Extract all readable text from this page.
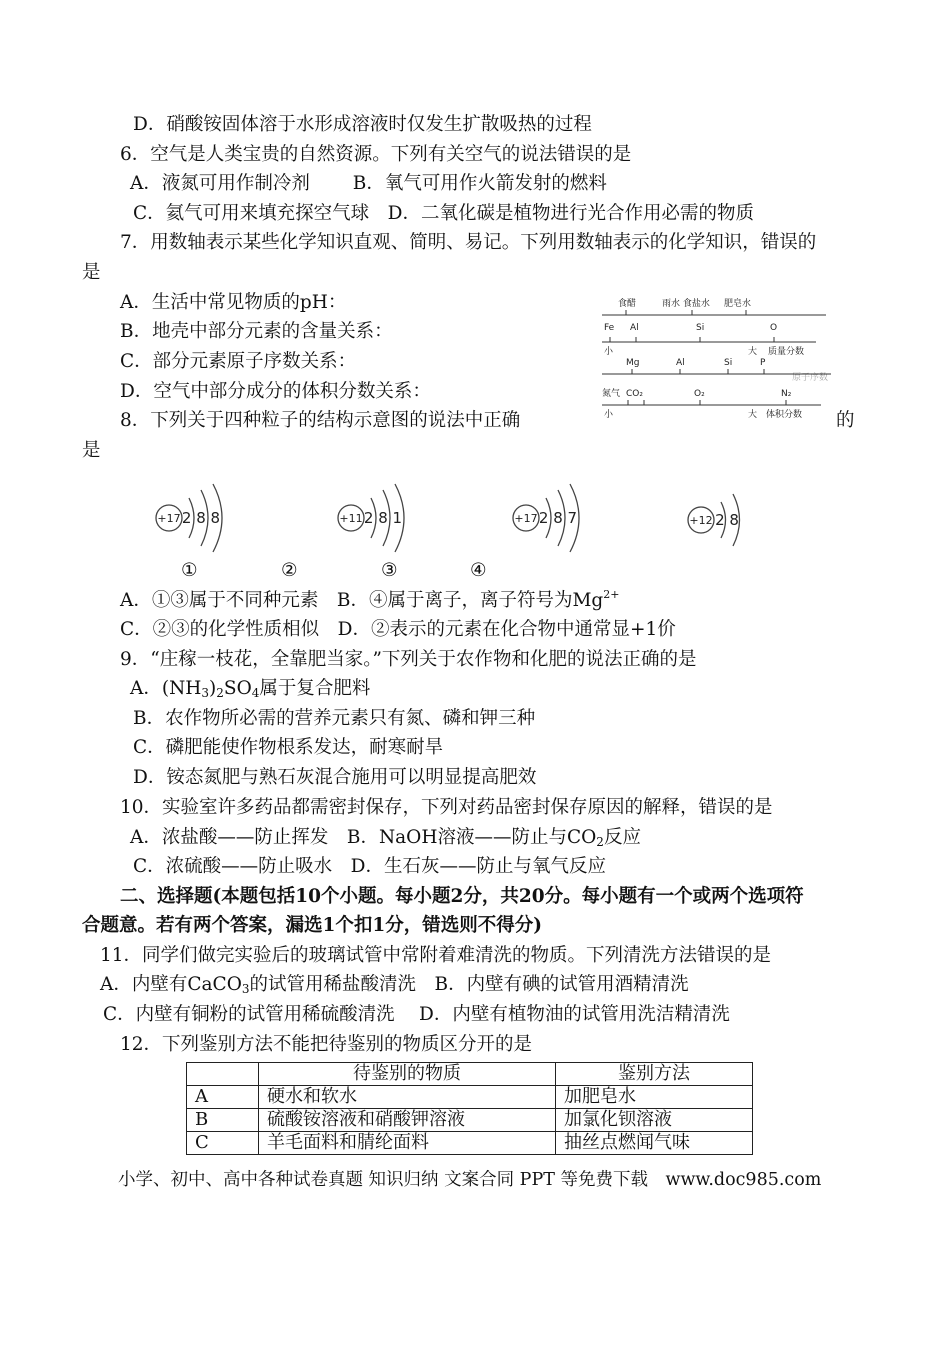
D．硝酸铵固体溶于水形成溶液时仅发生扩散吸热的过程
6．空气是人类宝贵的自然资源。下列有关空气的说法错误的是
A．液氮可用作制冷剂　　 B．氧气可用作火箭发射的燃料
C．氦气可用来填充探空气球　D．二氧化碳是植物进行光合作用必需的物质
7．用数轴表示某些化学知识直观、简明、易记。下列用数轴表示的化学知识，错误的
是
A．生活中常见物质的pH：
B．地壳中部分元素的含量关系：
C．部分元素原子序数关系：
D．空气中部分成分的体积分数关系：
8．下列关于四种粒子的结构示意图的说法中正确	的
是
食醋	雨水 食盐水 肥皂水
Fe Al	Si	O
小	大 质量分数
Mg	Al	Si	P
原子序数
氮气 CO₂	O₂	N₂
小	大 体积分数
+17	+11	+17	+12
2 8 8	2 8 1	2 8 7	2 8
①	②	③	④
A．①③属于不同种元素　B．④属于离子，离子符号为$Mg^{2+}$
C．②③的化学性质相似　D．②表示的元素在化合物中通常显+1价
9．“庄稼一枝花，全靠肥当家。”下列关于农作物和化肥的说法正确的是
A．$(NH_3)_2SO_4$属于复合肥料
B．农作物所必需的营养元素只有氮、磷和钾三种
C．磷肥能使作物根系发达，耐寒耐旱
D．铵态氮肥与熟石灰混合施用可以明显提高肥效
10．实验室许多药品都需密封保存，下列对药品密封保存原因的解释，错误的是
A．浓盐酸——防止挥发　B．NaOH溶液——防止与$CO_2$反应
C．浓硫酸——防止吸水　D．生石灰——防止与氧气反应
二、选择题(本题包括10个小题。每小题2分，共20分。每小题有一个或两个选项符
合题意。若有两个答案，漏选1个扣1分，错选则不得分)
11．同学们做完实验后的玻璃试管中常附着难清洗的物质。下列清洗方法错误的是
A．内壁有CaCO$_3$的试管用稀盐酸清洗　B．内壁有碘的试管用酒精清洗
C．内壁有铜粉的试管用稀硫酸清洗　 D．内壁有植物油的试管用洗洁精清洗
12．下列鉴别方法不能把待鉴别的物质区分开的是
	待鉴别的物质	鉴别方法
A	硬水和软水	加肥皂水
B	硫酸铵溶液和硝酸钾溶液	加氯化钡溶液
C	羊毛面料和腈纶面料	抽丝点燃闻气味
小学、初中、高中各种试卷真题 知识归纳 文案合同 PPT 等免费下载　www.doc985.com
